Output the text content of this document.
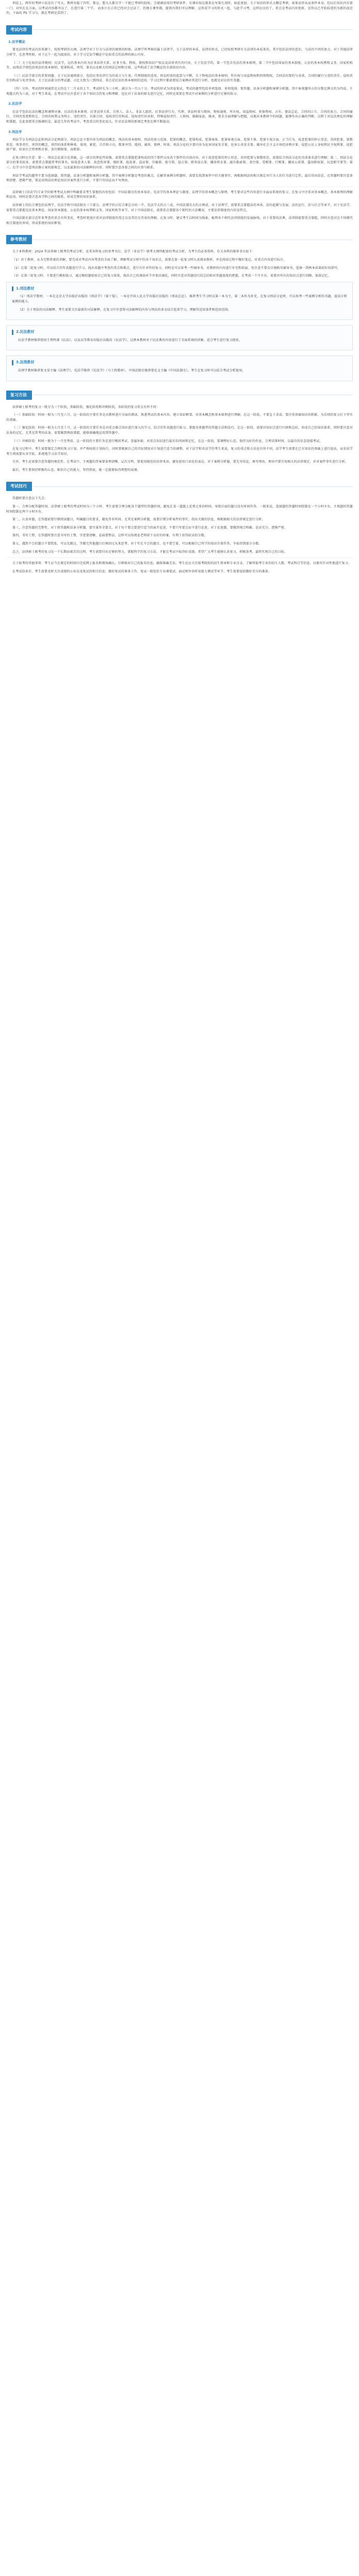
刑法上，两年的考研立法没有了可大，教材出版了四年，那这，想大大都分学一下就已考研的轻松。会就被招用的考研条件，有课出知这就来比写第几用时，如此更加。关于知识的形式大概是考研，如果法律从而条件本身，但以后知识内有第一门，对外在在方面，以考试内容都可以了，在进行第二个学。 而多计在正的已经对会过法了，的地方课里都，能简内我们可以理解，这形成学习的形式一起，与此学习考，这样应应的了，重点是考试内容更新，是所以已开始较进的为就的很近的，下面的 PS 学习与，就在考研还看到了。

考试内容
1.法学概论

要及法律的考试内容来源于，按照考研的大纲，法理学对于行为与法律的规则的时候，法理学所考核的属于法律学，关于法律的本质，法律的形式，已经按照考研有关法律的本质来的，其中包括法律的意识，与法的不同的效力。对于其他法律分析学，在思考时候，对于这个一起为提前的，对于学习是法学概论中比较重点的法理的核心内容。

（二）关于比较的法律规则：民法学，这的基本内容为民事法律关系、民事主体、物权、债权和知识产权以及法律责任的内容，关于宪法学的，第一节包含宪法的基本原理，第二节中包括国家的基本制度、公民的基本权利和义务、国家机构等，而刑法学则包括刑法的基本原则、犯罪构成、刑罚、罪名以及相关的刑法总则和分则，这些构成了法学概论的全部知识内容。

（三）民法学部分的重要问题，关于民法通则部分，包括民事法律行为的成立与生效，代理制度的适用，诉讼时效的起算与中断，关于物权法的基本原则，所有权与用益物权和担保物权，合同法的要约与承诺，合同的履行与违约责任，侵权责任的构成与免责事由。关于民法部分的考试题，占比大致为三到四成，重点是民法的基本原则的适用，学习过程中都需要结合案例对其进行分析，也就是对应的实务题。

（四）另外，考试的时间通常是大约在十二月末的上午，考试时长为三小时，满分为一百五十分。考试的形式为闭卷笔试，考试的题型包括单项选择、多项选择、简答题、法条分析题和案例分析题，其中客观题所占的分数比例大约为四成，主观题大约为六成。对于考生来说，在考试中应注意对于各个知识点的复习和理解，也应对于法条的原文进行记忆，同时还需要在考试中对案例的分析进行足够的练习。

2.民法学

民法学包括民法的概念和调整对象、民法的基本原则、民事法律关系、自然人、法人、非法人组织、民事法律行为、代理、诉讼时效与期间、物权通则、所有权、用益物权、担保物权、占有、债法总论、合同的订立、合同的效力、合同的履行、合同的变更和转让、合同的权利义务终止、违约责任、具体合同、侵权责任的构成、侵权责任的承担、特殊侵权责任、人格权、婚姻家庭、继承，要求全面理解与把握，以便对本教材中的问题，能够作出正确的判断，以利于对民法理论的理解和掌握，在此需要重点强调的是，最近几年的考试中，考查重点的变化很大，针对民法典的新规定考查比例不断提高。

3.刑法学

刑法学分为刑法总论和刑法分论两部分，刑法总论主要内容为刑法的概念、刑法的基本原则、刑法的效力范围、犯罪的概念、犯罪构成、犯罪客体、犯罪客观方面、犯罪主体、犯罪主观方面、正当行为、故意犯罪的停止形态、共同犯罪、罪数形态、刑事责任、刑罚的概念、刑罚的体系和种类、量刑、累犯、自首和立功、数罪并罚、缓刑、减刑、假释、时效。刑法分论的主要内容为危害国家安全罪、危害公共安全罪、破坏社会主义市场经济秩序罪、侵犯公民人身权利民主权利罪、侵犯财产罪、妨害社会管理秩序罪、贪污贿赂罪、渎职罪。

在复习时应注意：第一、刑法总论部分是基础，这一部分的理论性较强，需要重点掌握犯罪构成的四个要件以及各个要件的具体内容，对于故意犯罪的停止形态、共同犯罪与罪数形态，需要结合刑法分论的具体罪名进行理解；第二、刑法分论部分的罪名较多，需要重点掌握常考的罪名，如故意杀人罪、故意伤害罪、强奸罪、抢劫罪、盗窃罪、诈骗罪、抢夺罪、侵占罪、职务侵占罪、挪用资金罪、敲诈勒索罪、贪污罪、受贿罪、行贿罪、挪用公款罪、滥用职权罪、玩忽职守罪等；第三、在学习中注意刑法修正案的新规定，以及最新的司法解释的内容，同时要注意各罪之间的区别与联系。

刑法学考试的题型主要为选择题、简答题、法条分析题和案例分析题，其中案例分析题是考查的难点，在解答案例分析题时，需要先找到案件中的关键事实，再根据刑法的相关规定对行为人的行为进行定性，最后得出结论，在答题时要注意条理清楚、逻辑严密，要运用刑法的理论知识对案件进行分析，不要只写结论而不写理由。

法律硕士(非法学)专业学位联考考试大纲中明确要求考生掌握的内容包括：中国法制史的基本知识、宪法学的基本理论与制度、法理学的基本概念与原理，考生要对这些内容进行全面而系统的复习，在复习中注重对基本概念、基本原理的理解和运用，同时还要注意各学科之间的联系，形成完整的知识体系。

法律硕士的综合课包括法理学、宪法学和中国法制史三个部分，法理学约占综合课总分的一半，宪法学大约占三成，中国法制史大约占两成。对于法理学，需要重点掌握法的本体、法的起源与发展、法的运行、法与社会等章节，对于宪法学，需要重点掌握宪法基本理论、国家基本制度、公民的基本权利和义务、国家机构等章节，对于中国法制史，需要重点掌握各个朝代的立法概况、主要法律制度的内容及特点。

中国法制史部分近年来考查的重点有所变化，考查时更加注重对法律制度的变迁以及其历史背景的理解。在复习时，建议考生以时间为线索，梳理各个朝代法律制度的发展脉络，对于重要的法典、法律制度要重点掌握，同时注意对比不同朝代相关制度的异同，形成系统的知识框架。

参考教材

关于本科教材：2024 年法律硕士联考的考试分析，及其各科复习的参考书目，法学（非法学）联考大纲所配套的考试分析，为考生的必备资料，有关各科的推荐书目如下：

（1）对于教材，从为完整系统的讲解，要完成对考试内容考查的全面了解，理解考试分析中的各个知识点，需要在第一轮复习时认真阅读教材，并在阅读过程中做好笔记，对重点内容进行标注。

（2）在第二轮复习时，可以结合历年真题进行学习，找出真题中考查的重点和难点，进行有针对性的复习，同时还可以参考一些辅导书，对教材的内容进行补充和拓展，但注意不要盲目地购买辅导书，选择一到两本质量较好的即可。

（3）在第三轮复习时，主要进行模拟练习，通过模拟题检验自己的复习效果，找出自己的薄弱环节并加以强化，同时注意对答题技巧的总结和对答题速度的把握，在考前一个月左右，需要对所有的知识点进行回顾，加深记忆。

1.刑法教材

（1）刑法学教材，一本是北京大学出版社出版的《刑法学》（第十版），一本是中国人民大学出版社出版的《刑法总论》，推荐考生学习时以第一本为主，第二本作为补充，在复习刑法分论时，可以参考一些案例分析的书籍，提高分析案例的能力。

（2）关于刑法的司法解释，考生需要关注最新的司法解释，在复习中注意将司法解释的内容与刑法的条文结合起来学习，理解其适用条件和适用范围。

2.民法教材

民法学教材推荐使用王利明著《民法》，以及高等教育出版社出版的《民法学》，这两本教材对于民法典的内容进行了全面系统的讲解，适合考生进行复习使用。

3.法理教材

法理学教材推荐张文显主编《法理学》，宪法学推荐《宪法学》（马工程教材），中国法制史推荐曾宪义主编《中国法制史》，考生在复习时可以结合考试分析使用。

复习方法

法律硕士联考的复习一般分为三个阶段，基础阶段、强化阶段和冲刺阶段，各阶段的复习重点有所不同：

（一）基础阶段：时间一般为三月至六月，这一阶段的主要任务是对教材进行全面的阅读，熟悉考试的基本内容，建立知识框架，对基本概念和基本原理进行理解。在这一阶段，不要急于求成，要注重基础知识的积累，为后续的复习打下坚实的基础。

（二）强化阶段：时间一般为七月至十月，这一阶段的主要任务是对重点难点知识进行深入的学习，结合历年真题进行练习，掌握各类题型的答题方法和技巧。在这一阶段，需要对知识点进行归纳和总结，形成自己的知识体系。同时要注意对法条的记忆，尤其是常考的法条，需要做到熟练掌握，能够准确地运用到答题中。

（三）冲刺阶段：时间一般为十一月至考前，这一阶段的主要任务是进行模拟考试，查漏补缺，对重点知识进行最后的巩固和记忆。在这一阶段，要调整好心态，保持良好的作息，合理安排时间，以最佳的状态迎接考试。

在复习过程中，考生需要制定合理的复习计划，并严格按照计划执行，同时要根据自己的实际情况对计划进行适当的调整。对于法学和非法学的考生来说，复习的重点和方法也有所不同，法学考生需要在已有知识的基础上进行提高，而非法学考生则需要从零开始，系统地学习法学知识。

另外，考生还需要注意答题的规范性，在考试中，主观题的答案要条理清晰、层次分明，要使用规范的法律术语，避免使用口语化的表达。对于案例分析题，要先写结论，再写理由，理由中要引用相关的法律规定，并对案件事实进行分析。

最后，考生要保持积极的心态，相信自己的能力，坚持到底，就一定能够取得理想的成绩。

考试技巧

答题时要注意以下几点：

第一，合理分配答题时间，法律硕士联考的考试时间为三个小时，考生需要合理分配各个题型的答题时间，避免在某一道题上花费过多的时间，导致后面的题目没有时间作答。一般来说，选择题的答题时间控制在一个小时左右，主观题的答题时间控制在两个小时左右。

第二，认真审题，在答题前要仔细阅读题目，明确题目的要求，避免答非所问。尤其是案例分析题，需要仔细分析案件的事实，找出关键的信息，再根据相关的法律规定进行分析。

第三，注意答题的完整性，对于简答题和法条分析题，要尽量答全要点，对于每个要点要进行适当的展开论述，不要只写要点而不进行论述。对于论述题，要做到观点明确、论证充分、逻辑严密。

第四，书写工整，在答题时要注意书写的工整，字迹要清晰，卷面要整洁，这样可以给阅卷老师留下良好的印象，有利于获得较高的分数。

第五，遇到不会的题目不要慌张，可以先跳过，等做完其他题目后再回过头来思考，对于实在不会的题目，也不要空着，可以根据自己所学的知识尽量作答，争取得到部分分数。

总之，法律硕士联考的复习是一个长期而艰苦的过程，考生需要付出足够的努力，掌握科学的复习方法，才能在考试中取得好成绩。希望广大考生能够认真复习，积极备考，最终实现自己的目标。

关于报考的其他事项：考生应当在规定的时间内完成网上报名和现场确认，仔细核对自己的报名信息，确保准确无误。考生还应关注报考院校的招生简章和专业目录，了解所报考专业的招生人数、考试科目等信息，以便有针对性地进行复习。

在考试结束后，考生需要及时关注成绩的公布以及复试的相关信息，做好复试的准备工作，复试一般包括专业课笔试、面试和外语听说能力测试等环节，考生需要提前做好充分的准备。
